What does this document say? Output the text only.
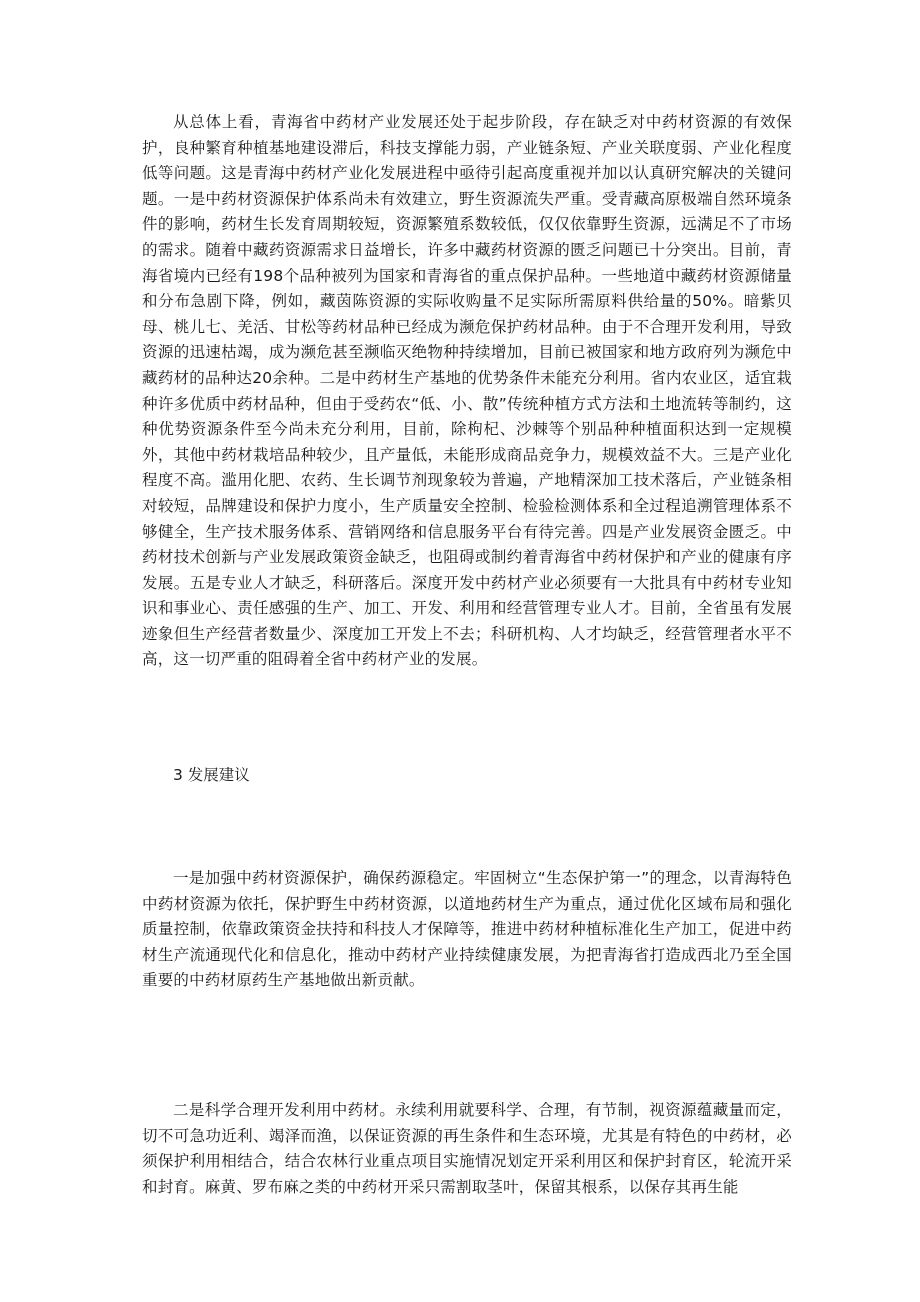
从总体上看，青海省中药材产业发展还处于起步阶段，存在缺乏对中药材资源的有效保护，良种繁育种植基地建设滞后，科技支撑能力弱，产业链条短、产业关联度弱、产业化程度低等问题。这是青海中药材产业化发展进程中亟待引起高度重视并加以认真研究解决的关键问题。一是中药材资源保护体系尚未有效建立，野生资源流失严重。受青藏高原极端自然环境条件的影响，药材生长发育周期较短，资源繁殖系数较低，仅仅依靠野生资源，远满足不了市场的需求。随着中藏药资源需求日益增长，许多中藏药材资源的匮乏问题已十分突出。目前，青海省境内已经有198个品种被列为国家和青海省的重点保护品种。一些地道中藏药材资源储量和分布急剧下降，例如，藏茵陈资源的实际收购量不足实际所需原料供给量的50%。暗紫贝母、桃儿七、羌活、甘松等药材品种已经成为濒危保护药材品种。由于不合理开发利用，导致资源的迅速枯竭，成为濒危甚至濒临灭绝物种持续增加，目前已被国家和地方政府列为濒危中藏药材的品种达20余种。二是中药材生产基地的优势条件未能充分利用。省内农业区，适宜栽种许多优质中药材品种，但由于受药农“低、小、散”传统种植方式方法和土地流转等制约，这种优势资源条件至今尚未充分利用，目前，除枸杞、沙棘等个别品种种植面积达到一定规模外，其他中药材栽培品种较少，且产量低，未能形成商品竞争力，规模效益不大。三是产业化程度不高。滥用化肥、农药、生长调节剂现象较为普遍，产地精深加工技术落后，产业链条相对较短，品牌建设和保护力度小，生产质量安全控制、检验检测体系和全过程追溯管理体系不够健全，生产技术服务体系、营销网络和信息服务平台有待完善。四是产业发展资金匮乏。中药材技术创新与产业发展政策资金缺乏，也阻碍或制约着青海省中药材保护和产业的健康有序发展。五是专业人才缺乏，科研落后。深度开发中药材产业必须要有一大批具有中药材专业知识和事业心、责任感强的生产、加工、开发、利用和经营管理专业人才。目前，全省虽有发展迹象但生产经营者数量少、深度加工开发上不去；科研机构、人才均缺乏，经营管理者水平不高，这一切严重的阻碍着全省中药材产业的发展。

3 发展建议

一是加强中药材资源保护，确保药源稳定。牢固树立“生态保护第一”的理念，以青海特色中药材资源为依托，保护野生中药材资源，以道地药材生产为重点，通过优化区域布局和强化质量控制，依靠政策资金扶持和科技人才保障等，推进中药材种植标准化生产加工，促进中药材生产流通现代化和信息化，推动中药材产业持续健康发展，为把青海省打造成西北乃至全国重要的中药材原药生产基地做出新贡献。

二是科学合理开发利用中药材。永续利用就要科学、合理，有节制，视资源蕴藏量而定，切不可急功近利、竭泽而渔，以保证资源的再生条件和生态环境，尤其是有特色的中药材，必须保护利用相结合，结合农林行业重点项目实施情况划定开采利用区和保护封育区，轮流开采和封育。麻黄、罗布麻之类的中药材开采只需割取茎叶，保留其根系，以保存其再生能
